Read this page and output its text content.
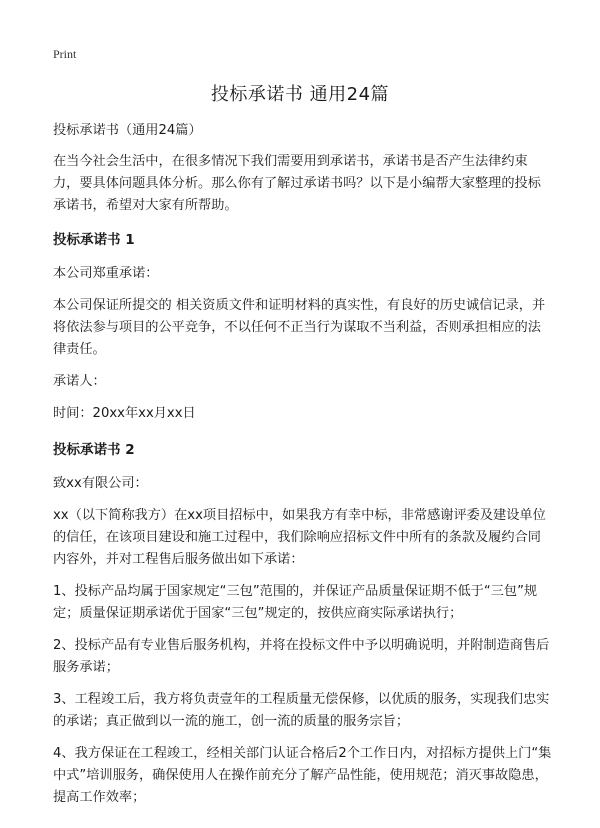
Print
投标承诺书 通用24篇

投标承诺书（通用24篇）

在当今社会生活中，在很多情况下我们需要用到承诺书，承诺书是否产生法律约束力，要具体问题具体分析。那么你有了解过承诺书吗？以下是小编帮大家整理的投标承诺书，希望对大家有所帮助。

投标承诺书 1

本公司郑重承诺：

本公司保证所提交的 相关资质文件和证明材料的真实性，有良好的历史诚信记录，并将依法参与项目的公平竞争，不以任何不正当行为谋取不当利益，否则承担相应的法律责任。

承诺人：

时间：20xx年xx月xx日

投标承诺书 2

致xx有限公司：

xx（以下简称我方）在xx项目招标中，如果我方有幸中标，非常感谢评委及建设单位的信任，在该项目建设和施工过程中，我们除响应招标文件中所有的条款及履约合同内容外，并对工程售后服务做出如下承诺：

1、投标产品均属于国家规定“三包”范围的，并保证产品质量保证期不低于“三包”规定；质量保证期承诺优于国家“三包”规定的，按供应商实际承诺执行；

2、投标产品有专业售后服务机构，并将在投标文件中予以明确说明，并附制造商售后服务承诺；

3、工程竣工后，我方将负责壹年的工程质量无偿保修，以优质的服务，实现我们忠实的承诺；真正做到以一流的施工，创一流的质量的服务宗旨；

4、我方保证在工程竣工，经相关部门认证合格后2个工作日内，对招标方提供上门“集中式”培训服务，确保使用人在操作前充分了解产品性能，使用规范；消灭事故隐患，提高工作效率；
